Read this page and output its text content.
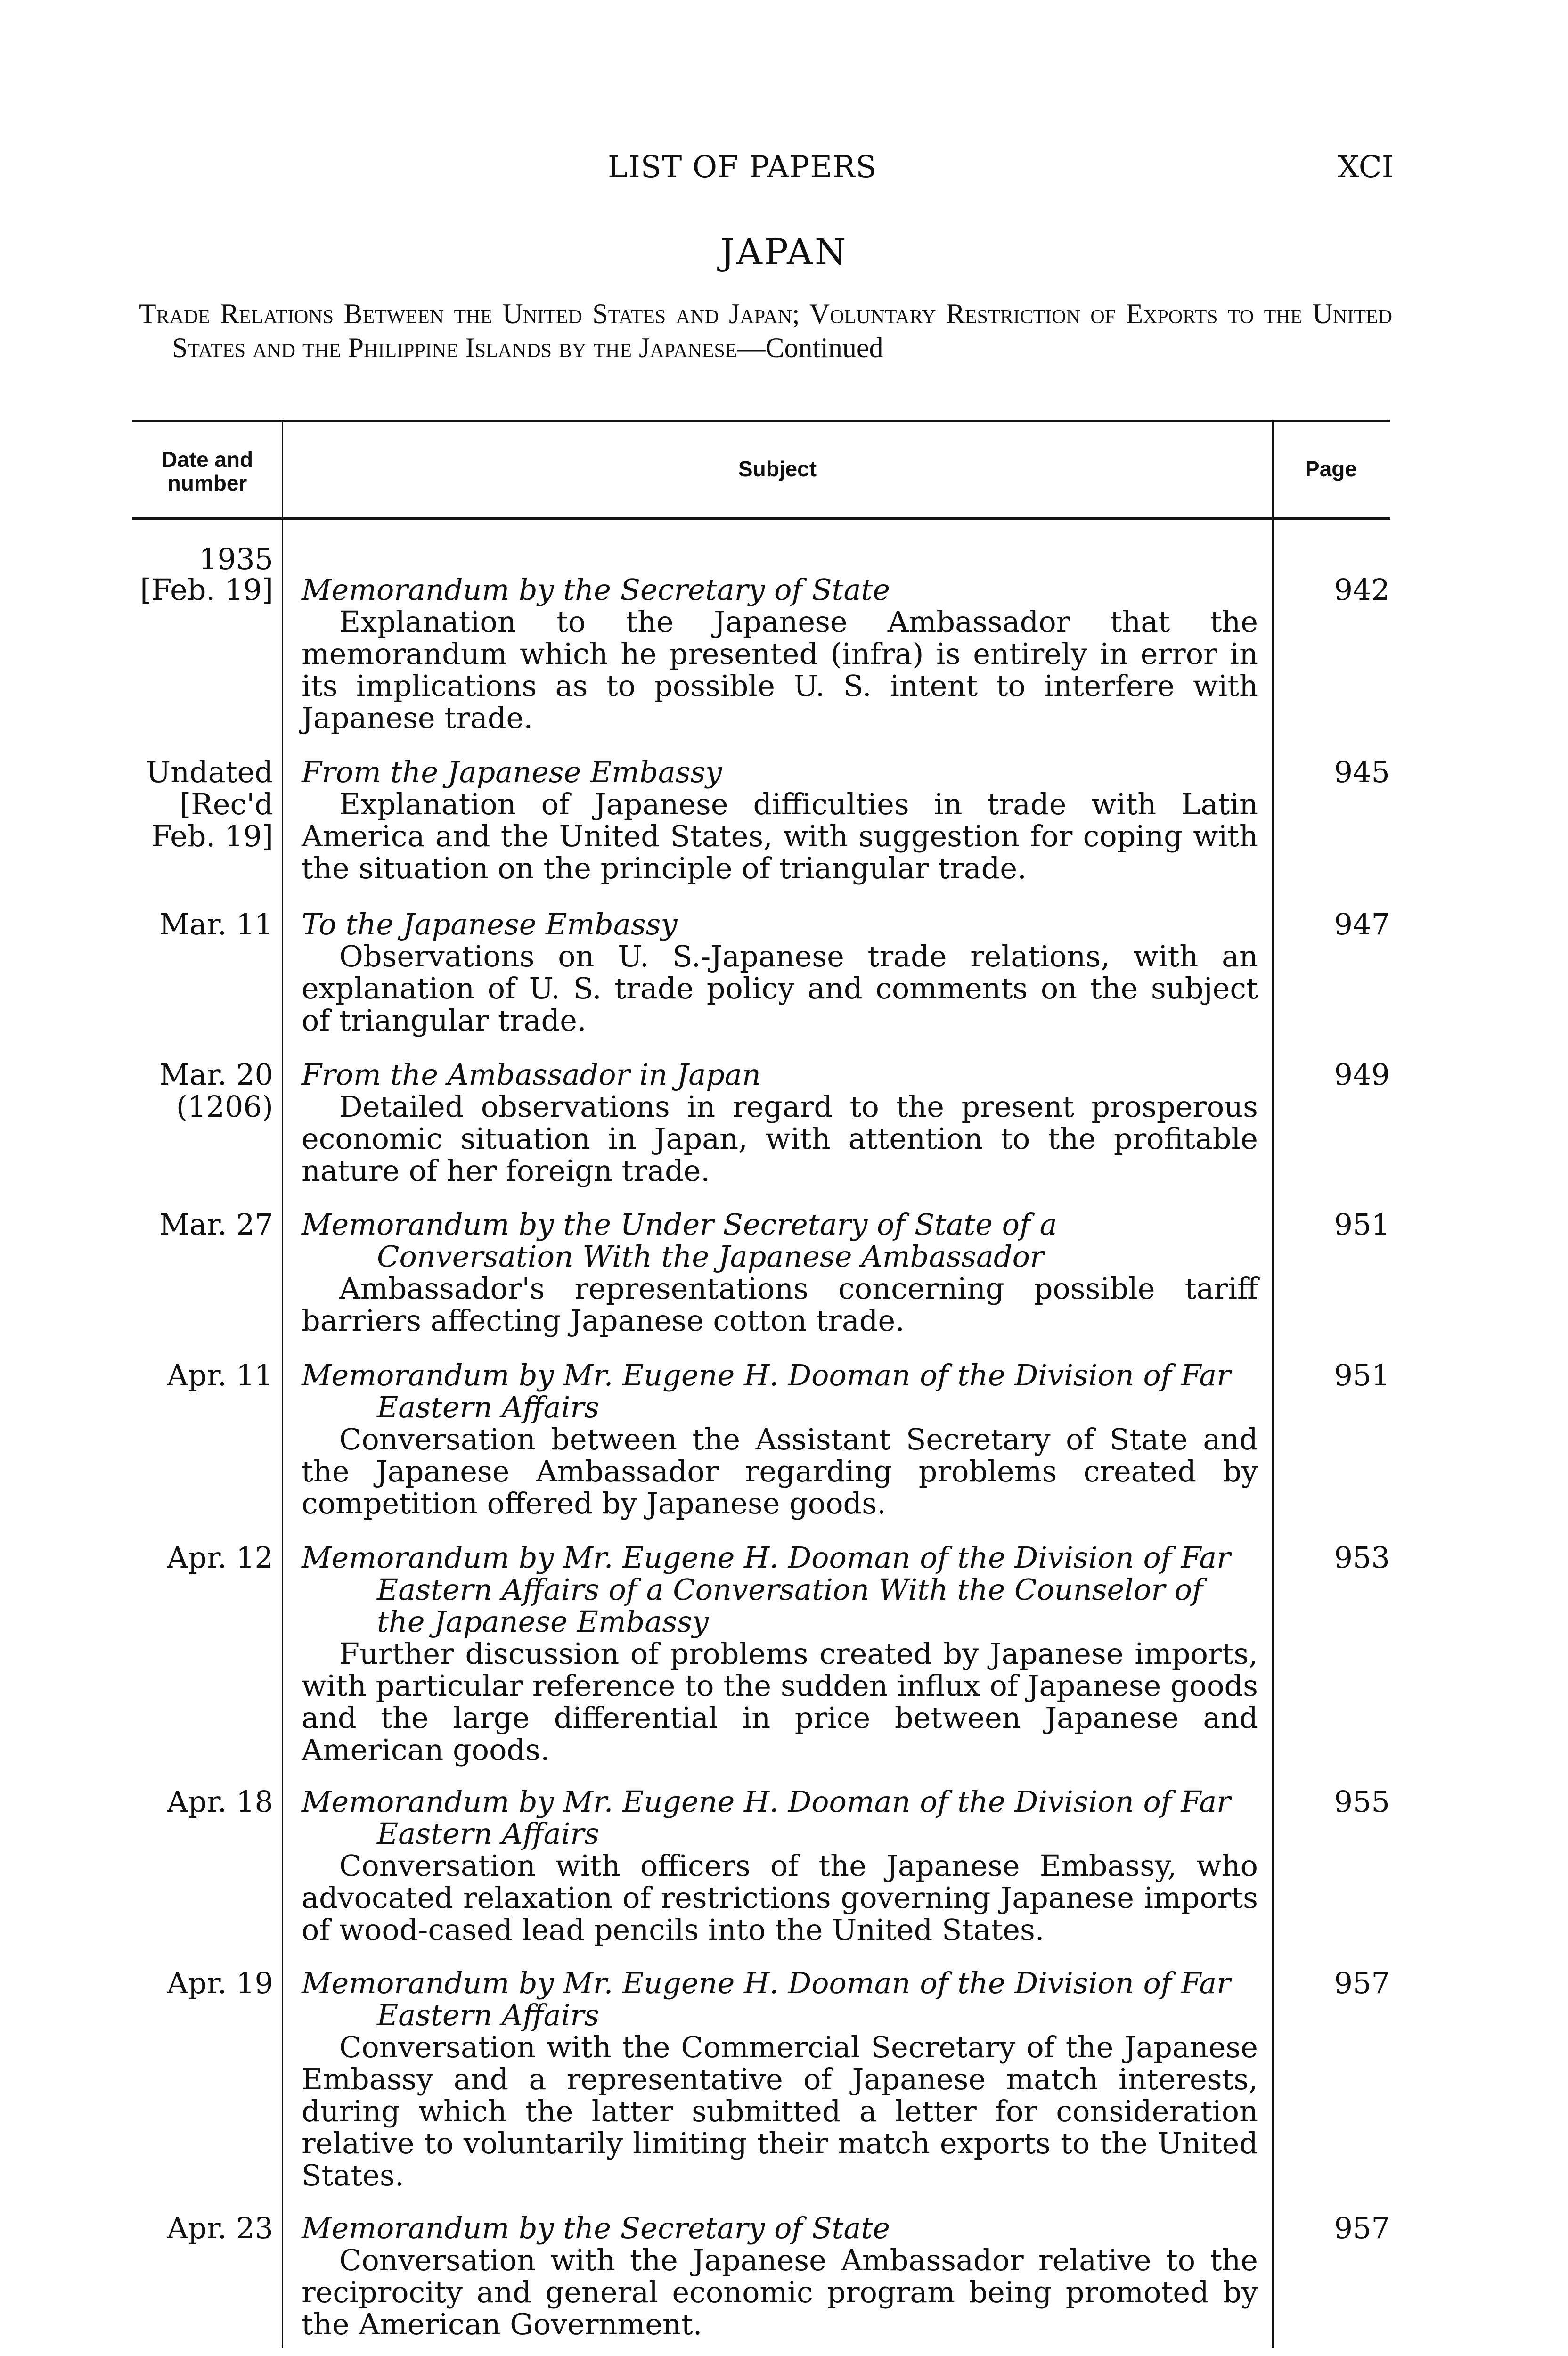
LIST OF PAPERS	XCI
JAPAN
Trade Relations Between the United States and Japan; Voluntary Restriction of Exports to the United States and the Philippine Islands by the Japanese—Continued
Date and number
Subject	Page
1935
[Feb. 19] Memorandum by the Secretary of State
Explanation to the Japanese Ambassador that the memorandum which he presented (infra) is entirely in error in its implications as to possible U. S. intent to interfere with Japanese trade.
942
Undated
[Rec'd
Feb. 19]
From the Japanese Embassy
Explanation of Japanese difficulties in trade with Latin America and the United States, with suggestion for coping with the situation on the principle of triangular trade.
945
Mar. 11 To the Japanese Embassy
Observations on U. S.-Japanese trade relations, with an explanation of U. S. trade policy and comments on the subject of triangular trade.
947
Mar. 20
(1206)
From the Ambassador in Japan
Detailed observations in regard to the present prosperous economic situation in Japan, with attention to the profitable nature of her foreign trade.
949
Mar. 27 Memorandum by the Under Secretary of State of a Conversation With the Japanese Ambassador
Ambassador's representations concerning possible tariff barriers affecting Japanese cotton trade.
951
Apr. 11 Memorandum by Mr. Eugene H. Dooman of the Division of Far Eastern Affairs
Conversation between the Assistant Secretary of State and the Japanese Ambassador regarding problems created by competition offered by Japanese goods.
951
Apr. 12 Memorandum by Mr. Eugene H. Dooman of the Division of Far Eastern Affairs of a Conversation With the Counselor of the Japanese Embassy
Further discussion of problems created by Japanese imports, with particular reference to the sudden influx of Japanese goods and the large differential in price between Japanese and American goods.
953
Apr. 18 Memorandum by Mr. Eugene H. Dooman of the Division of Far Eastern Affairs
Conversation with officers of the Japanese Embassy, who advocated relaxation of restrictions governing Japanese imports of wood-cased lead pencils into the United States.
955
Apr. 19 Memorandum by Mr. Eugene H. Dooman of the Division of Far Eastern Affairs
Conversation with the Commercial Secretary of the Japanese Embassy and a representative of Japanese match interests, during which the latter submitted a letter for consideration relative to voluntarily limiting their match exports to the United States.
957
Apr. 23 Memorandum by the Secretary of State
Conversation with the Japanese Ambassador relative to the reciprocity and general economic program being promoted by the American Government.
957
